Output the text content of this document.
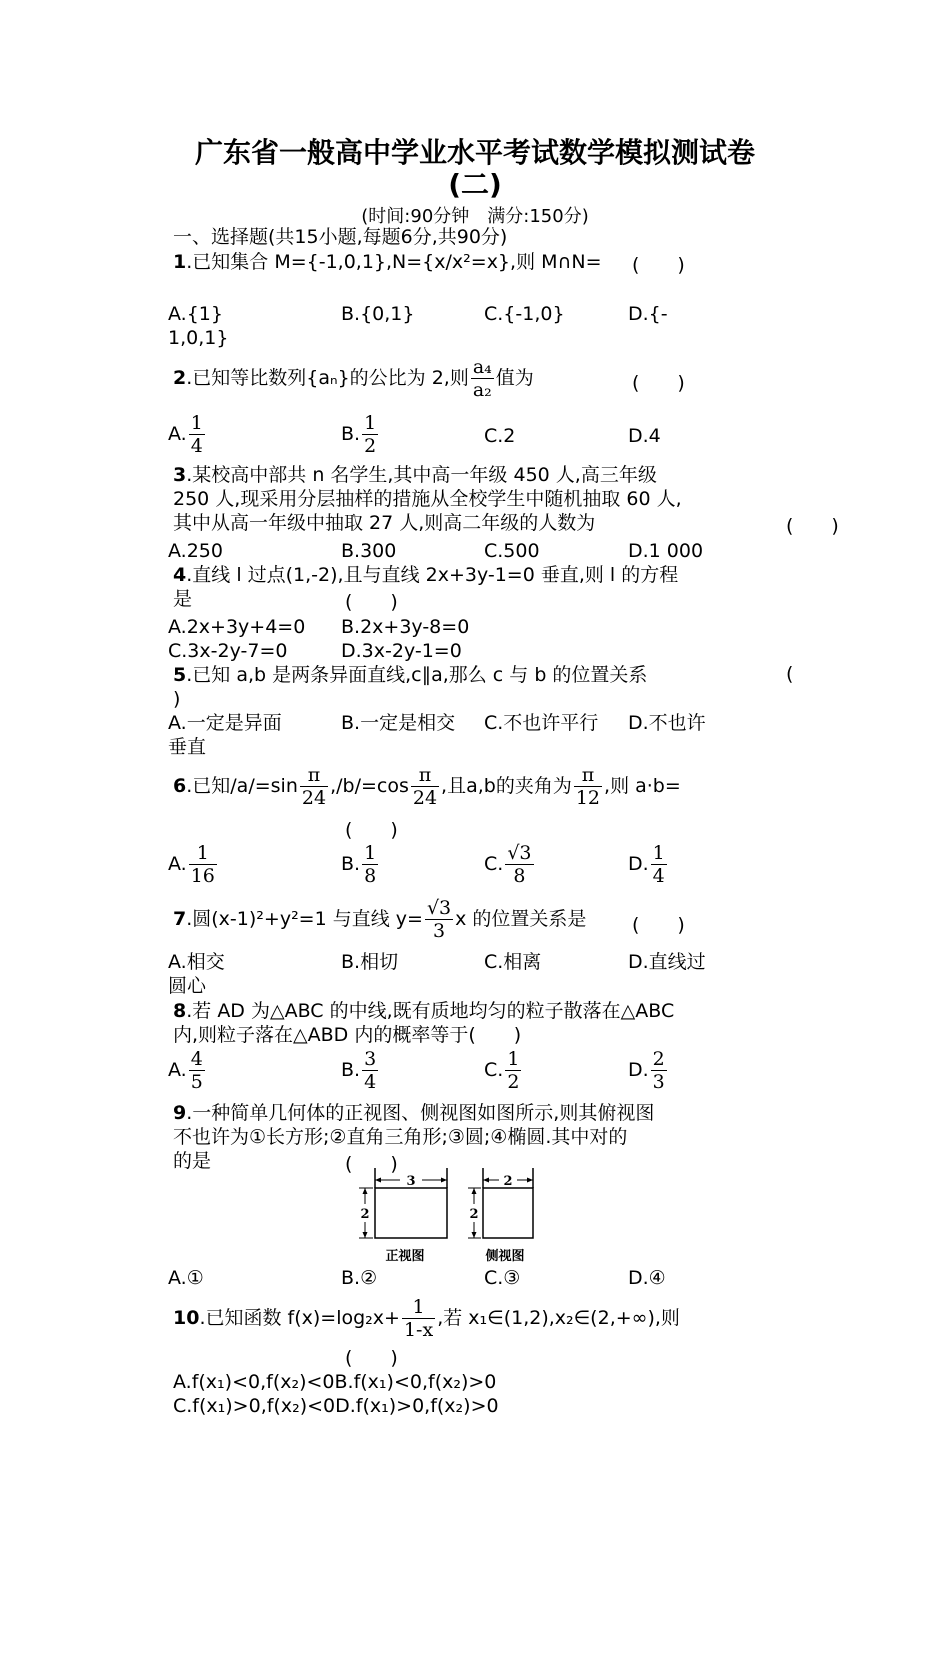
广东省一般高中学业水平考试数学模拟测试卷
(二)
(时间:90分钟　满分:150分)
一、选择题(共15小题,每题6分,共90分)
1.已知集合 M={-1,0,1},N={x/x²=x},则 M∩N= (　　)
A.{1}	B.{0,1}	C.{-1,0}	D.{-
1,0,1}
2.已知等比数列{aₙ}的公比为 2,则 $\frac{\text{a₄}}{\text{a₂}}$ 值为	(　　)
A. $\frac{1}{4}$	B. $\frac{1}{2}$	C.2	D.4
3.某校高中部共 n 名学生,其中高一年级 450 人,高三年级
250 人,现采用分层抽样的措施从全校学生中随机抽取 60 人,
其中从高一年级中抽取 27 人,则高二年级的人数为	(　　)
A.250	B.300	C.500	D.1 000
4.直线 l 过点(1,-2),且与直线 2x+3y-1=0 垂直,则 l 的方程
是	(　　)
A.2x+3y+4=0 B.2x+3y-8=0
C.3x-2y-7=0	D.3x-2y-1=0
5.已知 a,b 是两条异面直线,c∥a,那么 c 与 b 的位置关系	(
)
A.一定是异面	B.一定是相交 C.不也许平行 D.不也许
垂直
6.已知$/a/=\sin \frac{\pi}{24} ,/b/=\cos \frac{\pi}{24}$ ,且a,b的夹角为 $\frac{\pi}{12}$ ,则 a·b=
(　　)
A. $\frac{1}{16}$	B. $\frac{1}{8}$	C. $\frac{√3}{8}$	D. $\frac{1}{4}$
7.圆(x-1)²+y²=1 与直线 $y= \frac{√3}{3}$ x 的位置关系是 (　　)
A.相交	B.相切	C.相离	D.直线过
圆心
8.若 AD 为△ABC 的中线,既有质地均匀的粒子散落在△ABC
内,则粒子落在△ABD 内的概率等于(　　)
A. $\frac{4}{5}$	B. $\frac{3}{4}$	C. $\frac{1}{2}$	D. $\frac{2}{3}$
9.一种简单几何体的正视图、侧视图如图所示,则其俯视图
不也许为①长方形;②直角三角形;③圆;④椭圆.其中对的
的是	(　　)
3
2
正视图
2
2
侧视图
A.①	B.②	C.③	D.④
10.已知函数 $f(x)=\log_2x+ \frac{1}{1-x}$ ,若 x₁∈(1,2),x₂∈(2,+∞),则
(　　)
A.f(x₁)<0,f(x₂)<0B.f(x₁)<0,f(x₂)>0
C.f(x₁)>0,f(x₂)<0D.f(x₁)>0,f(x₂)>0
